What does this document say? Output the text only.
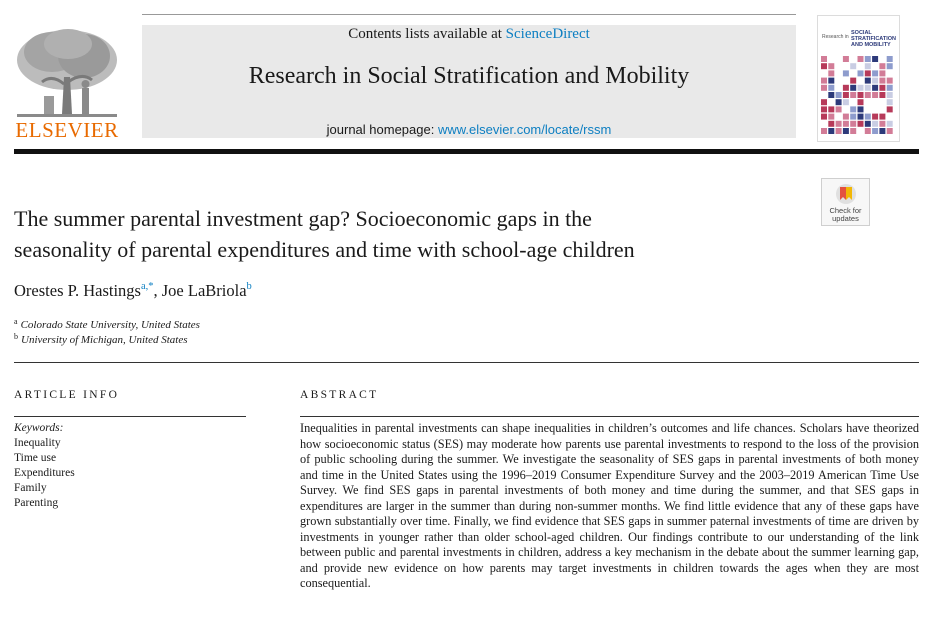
ELSEVIER
Contents lists available at ScienceDirect
Research in Social Stratification and Mobility
journal homepage: www.elsevier.com/locate/rssm
Research in
SOCIAL
STRATIFICATION
AND MOBILITY
The summer parental investment gap? Socioeconomic gaps in the
seasonality of parental expenditures and time with school-age children
Check for
updates
Orestes P. Hastings$^{a,*}$, Joe LaBriola$^b$
$^a$ Colorado State University, United States
$^b$ University of Michigan, United States
ARTICLE INFO	ABSTRACT
Keywords:
Inequality
Time use
Expenditures
Family
Parenting
Inequalities in parental investments can shape inequalities in children’s outcomes and life chances. Scholars have theorized how socioeconomic status (SES) may moderate how parents use parental investments to respond to the loss of the provision of public schooling during the summer. We investigate the seasonality of SES gaps in parental investments of both money and time in the United States using the 1996–2019 Consumer Expenditure Survey and the 2003–2019 American Time Use Survey. We find SES gaps in parental investments of both money and time during the summer, and that SES gaps in expenditures are larger in the summer than during non-summer months. We find little evidence that any of these gaps have grown substantially over time. Finally, we find evidence that SES gaps in summer paternal investments of time are driven by investments in younger rather than older school-aged children. Our findings contribute to our understanding of the link between public and parental investments in children, address a key mechanism in the debate about the summer learning gap, and provide new evidence on how parents may target investments in children towards the ages when they are most consequential.
